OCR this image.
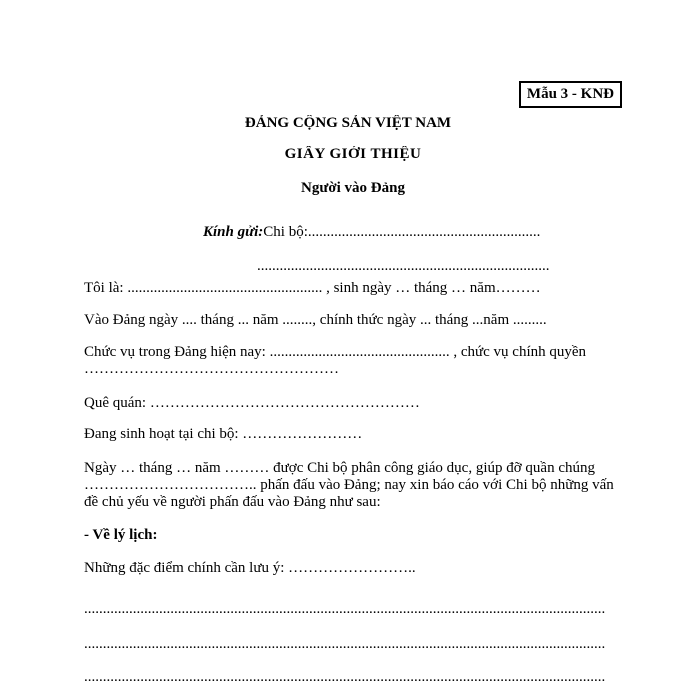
Mẫu 3 - KNĐ
ĐẢNG CỘNG SẢN VIỆT NAM
GIẤY GIỚI THIỆU
Người vào Đảng
Kính gửi:Chi bộ:..............................................................
..............................................................................
Tôi là: .................................................... , sinh ngày … tháng … năm………
Vào Đảng ngày .... tháng ... năm ........, chính thức ngày ... tháng ...năm .........
Chức vụ trong Đảng hiện nay: ................................................ , chức vụ chính quyền
……………………………………………
Quê quán: ………………………………………………
Đang sinh hoạt tại chi bộ: ……………………
Ngày … tháng … năm ……… được Chi bộ phân công giáo dục, giúp đỡ quần chúng
…………………………….. phấn đấu vào Đảng; nay xin báo cáo với Chi bộ những vấn
đề chủ yếu về người phấn đấu vào Đảng như sau:
- Về lý lịch:
Những đặc điểm chính cần lưu ý: ……………………..
...........................................................................................................................................
...........................................................................................................................................
...........................................................................................................................................
